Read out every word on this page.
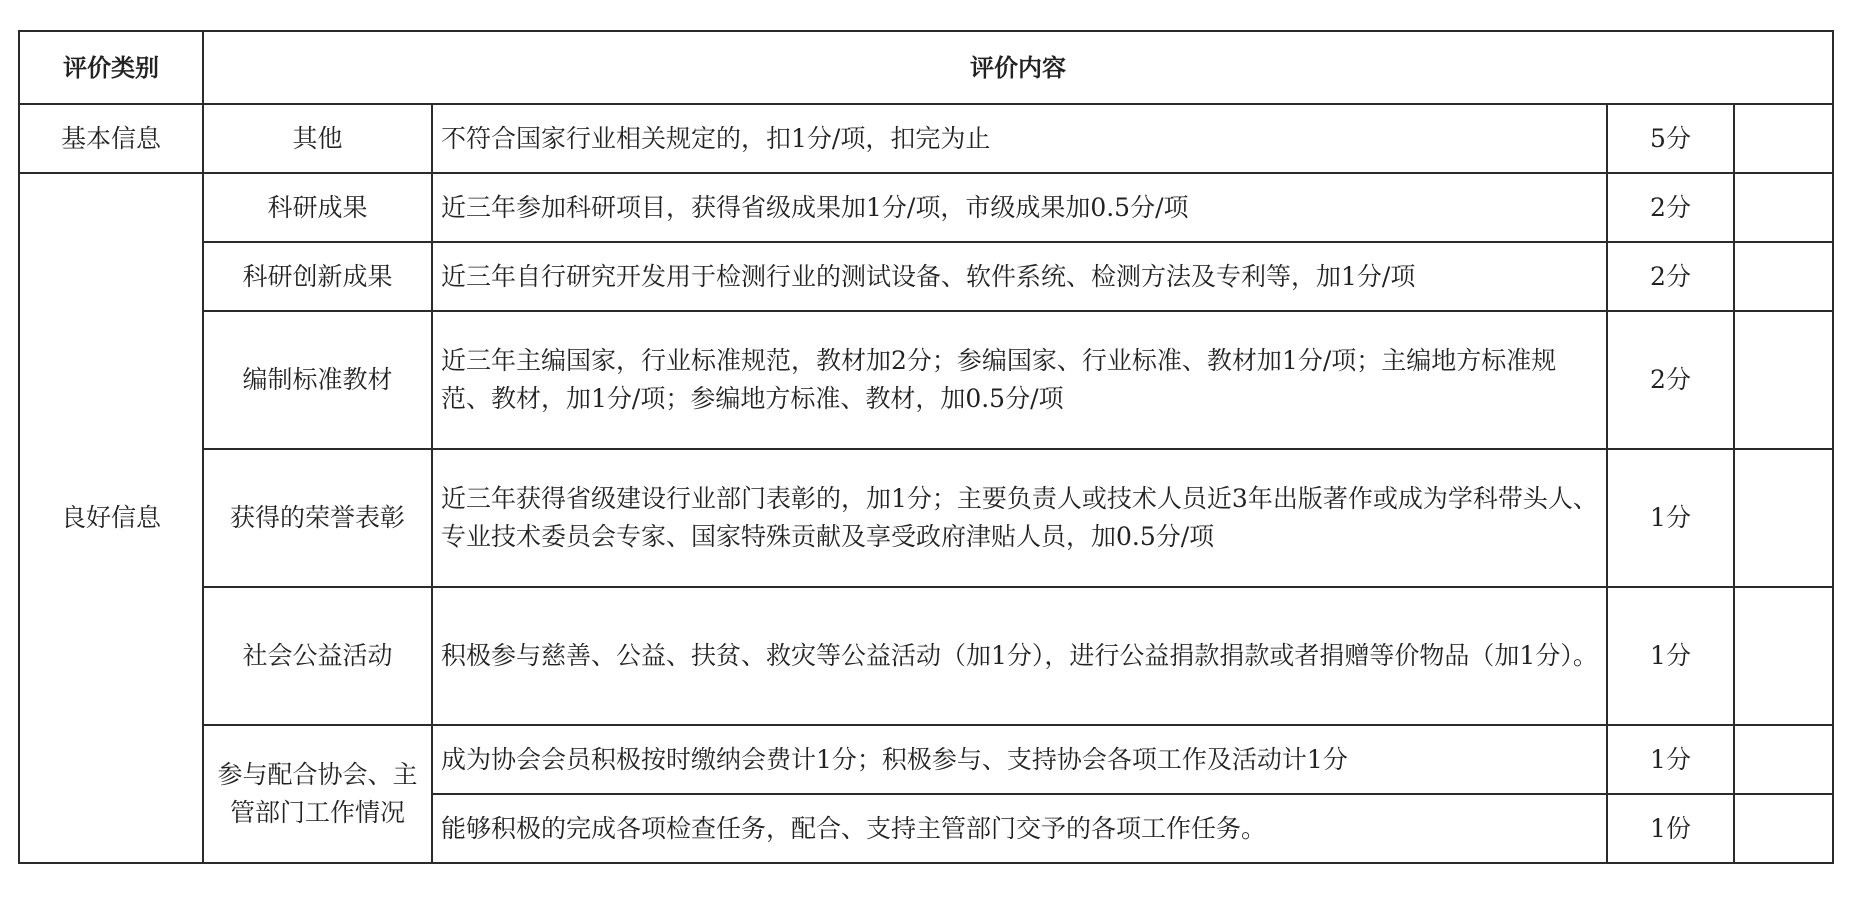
评价类别	评价内容			
基本信息	其他	不符合国家行业相关规定的，扣1分/项，扣完为止	5分	
良好信息	科研成果	近三年参加科研项目，获得省级成果加1分/项，市级成果加0.5分/项	2分	
	科研创新成果	近三年自行研究开发用于检测行业的测试设备、软件系统、检测方法及专利等，加1分/项	2分	
	编制标准教材	近三年主编国家，行业标准规范，教材加2分；参编国家、行业标准、教材加1分/项；主编地方标准规范、教材，加1分/项；参编地方标准、教材，加0.5分/项	2分	
	获得的荣誉表彰	近三年获得省级建设行业部门表彰的，加1分；主要负责人或技术人员近3年出版著作或成为学科带头人、专业技术委员会专家、国家特殊贡献及享受政府津贴人员，加0.5分/项	1分	
	社会公益活动	积极参与慈善、公益、扶贫、救灾等公益活动（加1分），进行公益捐款捐款或者捐赠等价物品（加1分）。	1分	
	参与配合协会、主管部门工作情况	成为协会会员积极按时缴纳会费计1分；积极参与、支持协会各项工作及活动计1分	1分	
		能够积极的完成各项检查任务，配合、支持主管部门交予的各项工作任务。	1份	
